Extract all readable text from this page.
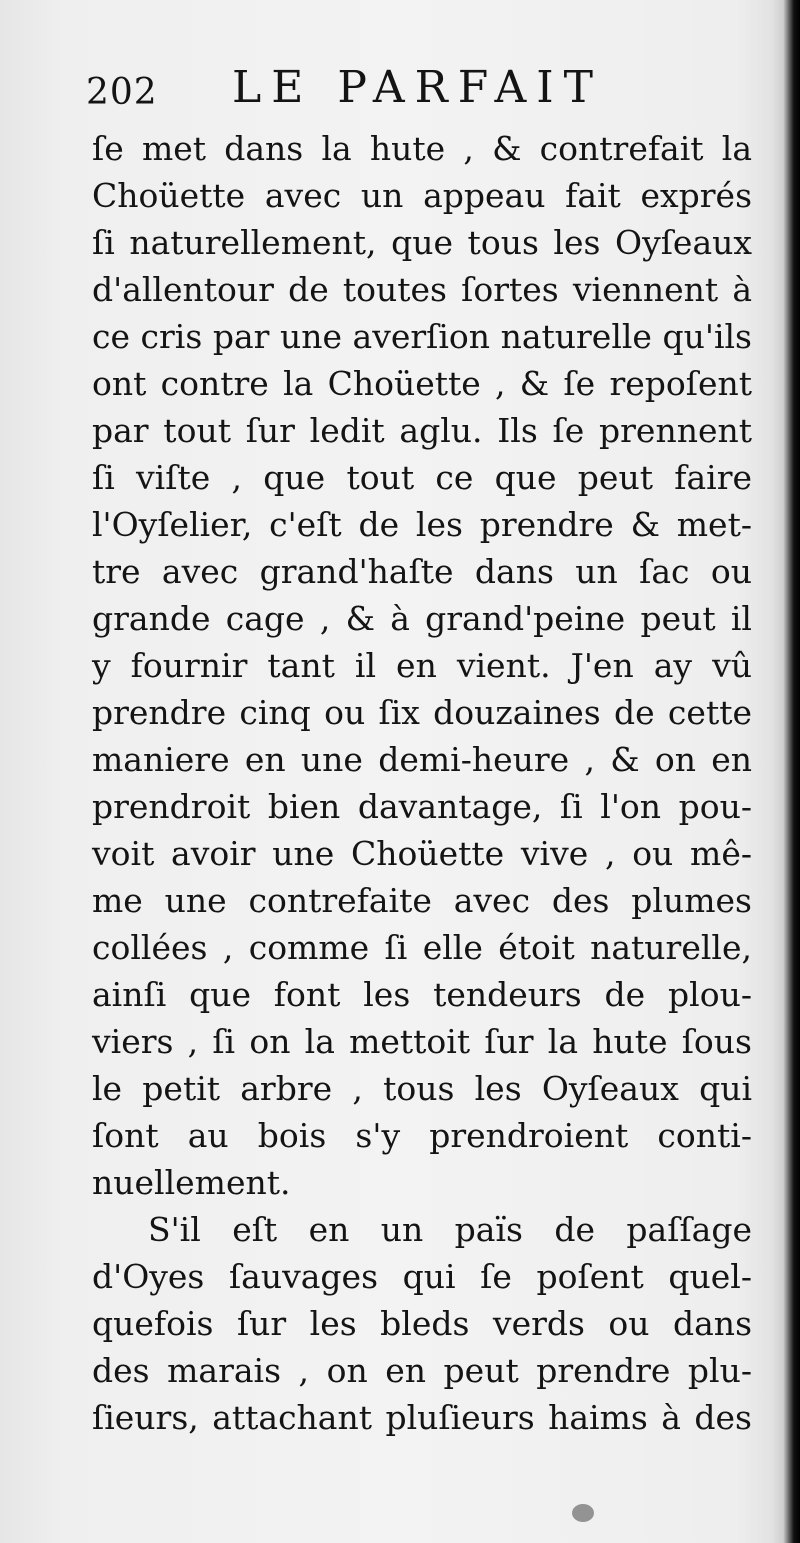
202 LE PARFAIT
ſe met dans la hute , & contrefait la
Choüette avec un appeau fait exprés
ſi naturellement, que tous les Oyſeaux
d'allentour de toutes ſortes viennent à
ce cris par une averſion naturelle qu'ils
ont contre la Choüette , & ſe repoſent
par tout ſur ledit aglu. Ils ſe prennent
ſi viſte , que tout ce que peut faire
l'Oyſelier, c'eſt de les prendre & met-
tre avec grand'haſte dans un ſac ou
grande cage , & à grand'peine peut il
y fournir tant il en vient. J'en ay vû
prendre cinq ou ſix douzaines de cette
maniere en une demi-heure , & on en
prendroit bien davantage, ſi l'on pou-
voit avoir une Choüette vive , ou mê-
me une contrefaite avec des plumes
collées , comme ſi elle étoit naturelle,
ainſi que font les tendeurs de plou-
viers , ſi on la mettoit ſur la hute ſous
le petit arbre , tous les Oyſeaux qui
ſont au bois s'y prendroient conti-
nuellement.
S'il eſt en un païs de paſſage
d'Oyes ſauvages qui ſe poſent quel-
quefois ſur les bleds verds ou dans
des marais , on en peut prendre plu-
ſieurs, attachant pluſieurs haims à des
